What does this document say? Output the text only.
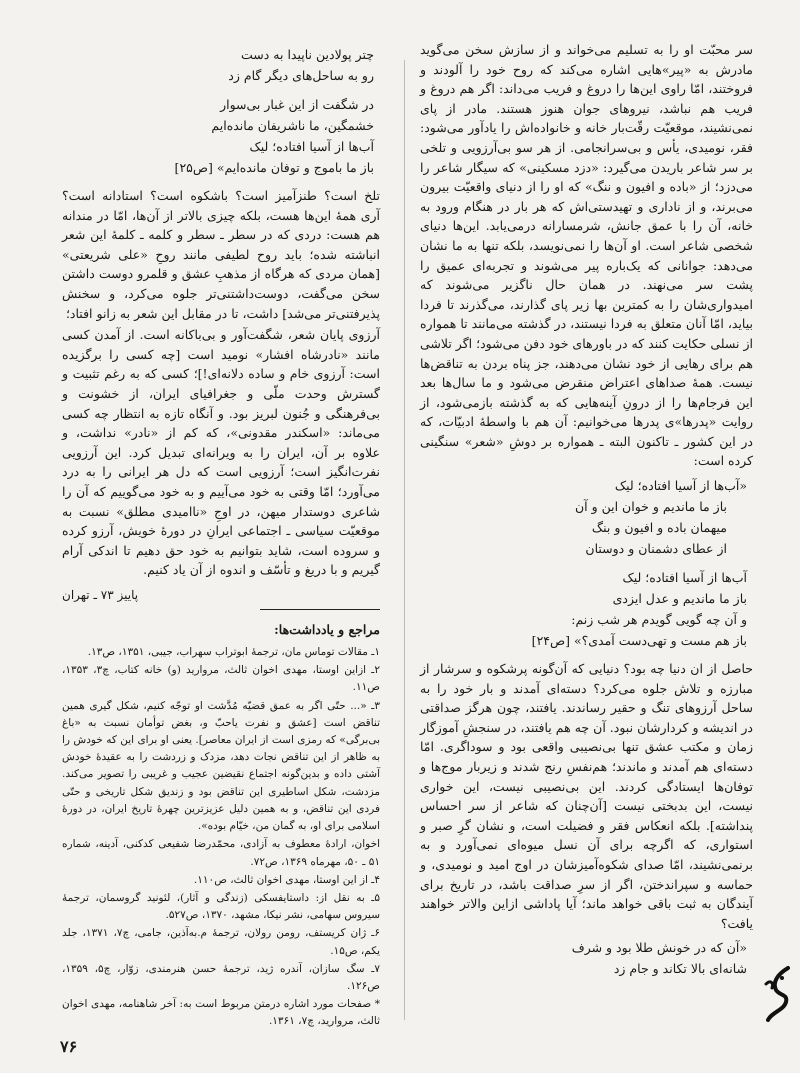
سر محبّت او را به تسلیم می‌خواند و از سازش سخن می‌گوید مادرش به «پیر»هایی اشاره می‌کند که روح خود را آلودند و فروختند، امّا راوی این‌ها را دروغ و فریب می‌داند: اگر هم دروغ و فریب هم نباشد، نیروهای جوان هنوز هستند. مادر از پای نمی‌نشیند، موقعیّت رقّت‌بار خانه و خانواده‌اش را یادآور می‌شود: فقر، نومیدی، یأس و بی‌سرانجامی. از هر سو بی‌آرزویی و تلخی بر سر شاعر باریدن می‌گیرد: «دزد مسکینی» که سیگار شاعر را می‌دزد؛ از «باده و افیون و ننگ» که او را از دنیای واقعیّت بیرون می‌برند، و از ناداری و تهیدستی‌اش که هر بار در هنگام ورود به خانه، آن را با عمق جانش، شرمسارانه درمی‌یابد. این‌ها دنیای شخصی شاعر است. او آن‌ها را نمی‌نویسد، بلکه تنها به ما نشان می‌دهد: جوانانی که یک‌باره پیر می‌شوند و تجربه‌ای عمیق را پشت سر می‌نهند. در همان حال ناگزیر می‌شوند که امیدواری‌شان را به کمترین بها زیر پای گذارند، می‌گذرند تا فردا بیاید، امّا آنان متعلق به فردا نیستند، در گذشته می‌مانند تا همواره از نسلی حکایت کنند که در باورهای خود دفن می‌شود؛ اگر تلاشی هم برای رهایی از خود نشان می‌دهند، جز پناه بردن به تناقض‌ها نیست. همهٔ صداهای اعتراض منقرض می‌شود و ما سال‌ها بعد این فرجام‌ها را از درونِ آینه‌هایی که به گذشته بازمی‌شود، از روایت «پدرها»ی پدرها می‌خوانیم: آن هم با واسطهٔ ادبیّات، که در این کشور ـ تاکنون البته ـ همواره بر دوشِ «شعر» سنگینی کرده است:

«آب‌ها از آسیا افتاده؛ لیک
باز ما ماندیم و خوان این و آن
میهمان باده و افیون و بنگ
از عطای دشمنان و دوستان
آب‌ها از آسیا افتاده؛ لیک
باز ما ماندیم و عدل ایزدی
و آن چه گویی گویدم هر شب زنم:
باز هم مست و تهی‌دست آمدی؟» [ص۲۴]

حاصل از ان دنیا چه بود؟ دنیایی که آن‌گونه پرشکوه و سرشار از مبارزه و تلاش جلوه می‌کرد؟ دسته‌ای آمدند و بار خود را به ساحل آرزوهای تنگ و حقیر رساندند. یافتند، چون هرگز صداقتی در اندیشه و کردارشان نبود. آن چه هم یافتند، در سنجشِ آموزگار زمان و مکتب عشق تنها بی‌نصیبی واقعی بود و سوداگری. امّا دسته‌ای هم آمدند و ماندند؛ هم‌نفسِ رنج شدند و زیربار موج‌ها و توفان‌ها ایستادگی کردند. این بی‌نصیبی نیست، این خواری نیست، این بدبختی نیست [آن‌چنان که شاعر از سر احساس پنداشته]. بلکه انعکاس فقر و فضیلت است، و نشان گرِ صبر و استواری، که اگرچه برای آن نسل میوه‌ای نمی‌آورد و به برنمی‌نشیند، امّا صدای شکوه‌آمیزشان در اوج امید و نومیدی، و حماسه و سپراندختن، اگر از سرِ صداقت باشد، در تاریخ برای آیندگان به ثبت باقی خواهد ماند؛ آیا پاداشی ازاین والاتر خواهند یافت؟

«آن که در خونش طلا بود و شرف
شانه‌ای بالا تکاند و جام زد
چتر پولادین ناپیدا به دست
رو به ساحل‌های دیگر گام زد
در شگفت از این غبار بی‌سوار
خشمگین، ما ناشریفان مانده‌ایم
آب‌ها از آسیا افتاده؛ لیک
باز ما باموج و توفان مانده‌ایم» [ص۲۵]

تلخ است؟ طنزآمیز است؟ باشکوه است؟ استادانه است؟ آری همهٔ این‌ها هست، بلکه چیزی بالاتر از آن‌ها، امّا در مندانه هم هست: دردی که در سطر ـ سطر و کلمه ـ کلمهٔ این شعر انباشته شده؛ باید روح لطیفی مانند روحِ «علی شریعتی» [همان مردی که هرگاه از مذهبِ عشق و قلمرو دوست داشتن سخن می‌گفت، دوست‌داشتنی‌تر جلوه می‌کرد، و سخنش پذیرفتنی‌تر می‌شد] داشت، تا در مقابل این شعر به زانو افتاد؛

آرزوی پایان شعر، شگفت‌آور و بی‌باکانه است. از آمدن کسی مانند «نادرشاه افشار» نومید است [چه کسی را برگزیده است: آرزوی خام و ساده دلانه‌ای!]؛ کسی که به رغم تثبیت و گسترش وحدت ملّی و جغرافیای ایران، از خشونت و بی‌فرهنگی و جُنون لبریز بود. و آنگاه تازه به انتظار چه کسی می‌ماند: «اسکندر مقدونی»، که کم از «نادر» نداشت، و علاوه بر آن، ایران را به ویرانه‌ای تبدیل کرد. این آرزویی نفرت‌انگیز است؛ آرزویی است که دل هر ایرانی را به درد می‌آورد؛ امّا وقتی به خود می‌آییم و به خود می‌گوییم که آن را شاعری دوستدار میهن، در اوجِ «ناامیدی مطلق» نسبت به موقعیّت سیاسی ـ اجتماعی ایرانِ در دورهٔ خویش، آرزو کرده و سروده است، شاید بتوانیم به خود حق دهیم تا اندکی آرام گیریم و با دریغ و تأسّف و اندوه از آن یاد کنیم.

پاییز ۷۳ ـ تهران
مراجع و یادداشت‌ها:

۱ـ مقالات توماس مان، ترجمهٔ ابوتراب سهراب، جیبی، ۱۳۵۱، ص۱۳.

۲ـ ازاین اوستا، مهدی اخوان ثالث، مروارید (و) خانه کتاب، چ۳، ۱۳۵۳، ص۱۱.

۳ـ «... حتّی اگر به عمق قضیّه مُدَّشت او توجّه کنیم، شکل گیری همین تناقض است [عشق و نفرت یاحبّ و، بغض توأمان نسبت به «باغ بی‌برگی» که رمزی است از ایران معاصر]. یعنی او برای این که خودش را به ظاهر از این تناقض نجات دهد، مزدک و زردشت را به عقیدهٔ خودش آشتی داده و بدین‌گونه اجتماع نقیضین عجیب و غریبی را تصویر می‌کند. مزدشت، شکل اساطیری این تناقض بود و زندیق شکل تاریخی و حتّی فردی این تناقض، و به همین دلیل عزیزترین چهرهٔ تاریخ ایران، در دورهٔ اسلامی برای او، به گمان من، خیّام بوده».

اخوان، ارادهٔ معطوف به آزادی، محمّدرضا شفیعی کدکنی، آدینه، شماره ۵۱ ـ ۵۰، مهرماه ۱۳۶۹، ص۷۲.

۴ـ از این اوستا، مهدی اخوان ثالث، ص۱۱۰.

۵ـ به نقل از: داستایفسکی (زندگی و آثار)، لئونید گروسمان، ترجمهٔ سیروس سهامی، نشر نیکا، مشهد، ۱۳۷۰، ص۵۲۷.

۶ـ ژان کریستف، رومن رولان، ترجمهٔ م.به‌آذین، جامی، چ۷، ۱۳۷۱، جلد یکم، ص۱۵.

۷ـ سگ سازان، آندره ژید، ترجمهٔ حسن هنرمندی، زوّار، چ۵، ۱۳۵۹، ص۱۲۶.

* صفحات مورد اشاره درمتن مربوط است به: آخر شاهنامه، مهدی اخوان ثالث، مروارید، چ۷، ۱۳۶۱.

۷۶
